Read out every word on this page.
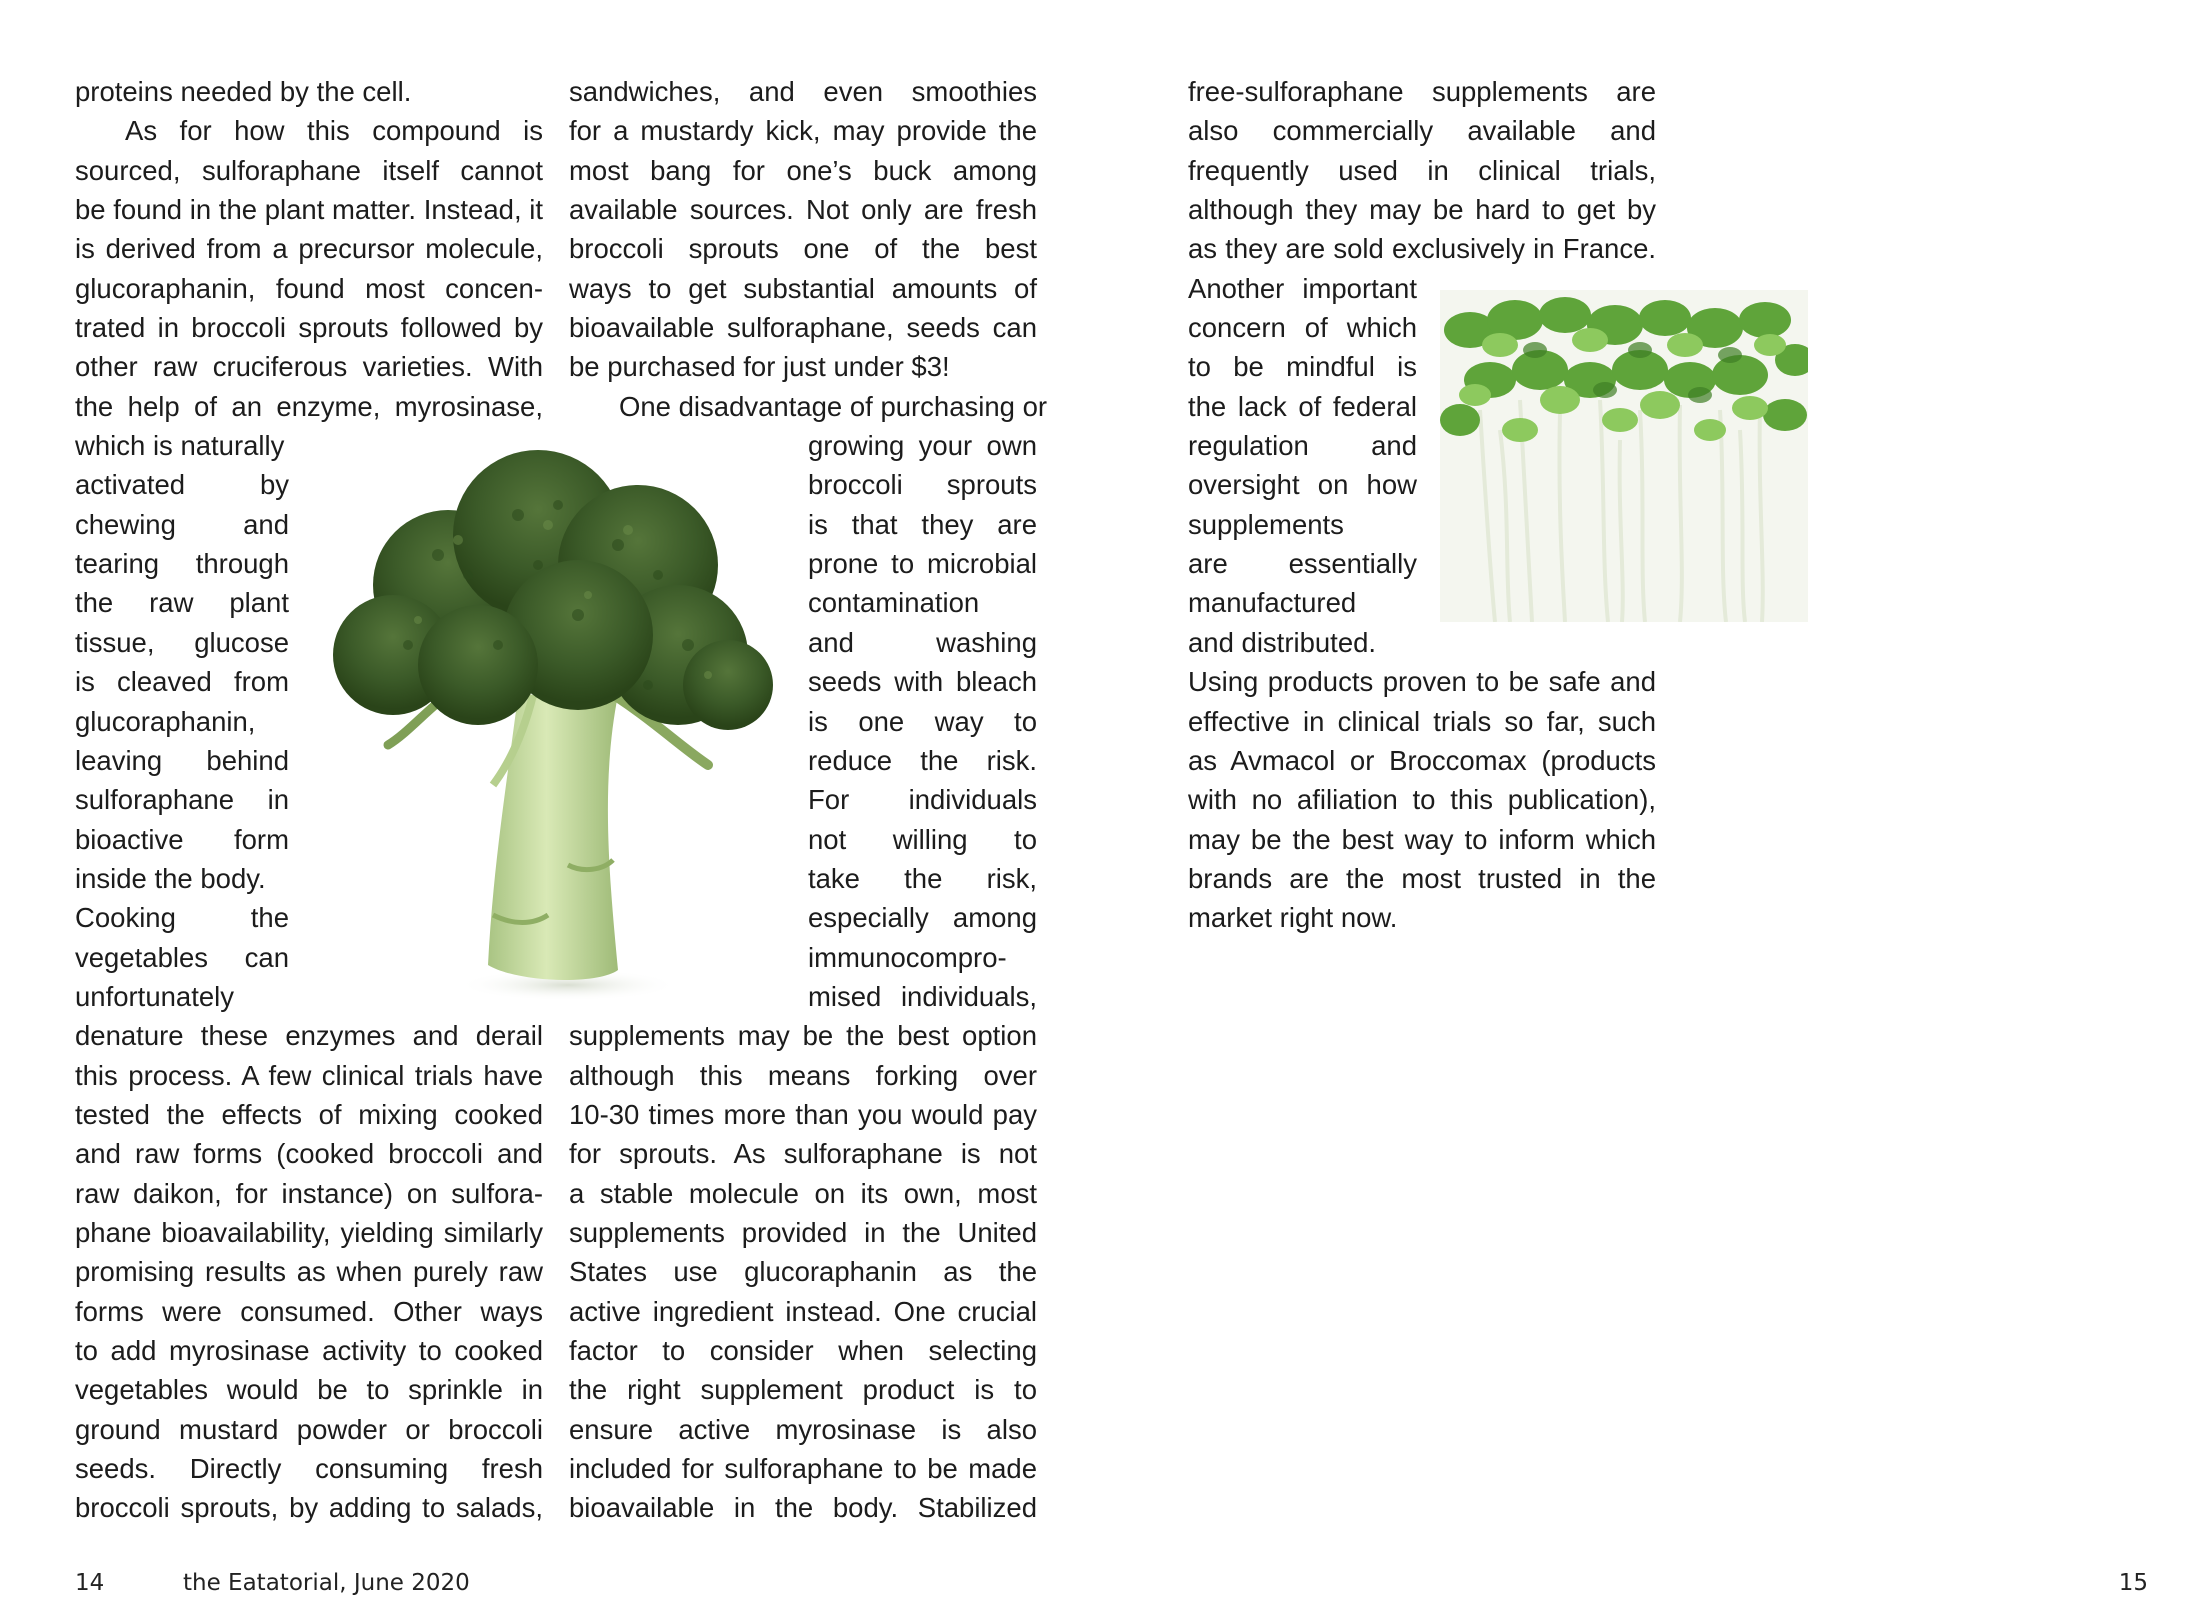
proteins needed by the cell.
As for how this compound is
sourced, sulforaphane itself cannot
be found in the plant matter. Instead, it
is derived from a precursor molecule,
glucoraphanin, found most concen-
trated in broccoli sprouts followed by
other raw cruciferous varieties. With
the help of an enzyme, myrosinase,
which is naturally
activated by
chewing and
tearing through
the raw plant
tissue, glucose
is cleaved from
glucoraphanin,
leaving behind
sulforaphane in
bioactive form
inside the body.
Cooking the
vegetables can
unfortunately
denature these enzymes and derail
this process. A few clinical trials have
tested the effects of mixing cooked
and raw forms (cooked broccoli and
raw daikon, for instance) on sulfora-
phane bioavailability, yielding similarly
promising results as when purely raw
forms were consumed. Other ways
to add myrosinase activity to cooked
vegetables would be to sprinkle in
ground mustard powder or broccoli
seeds. Directly consuming fresh
broccoli sprouts, by adding to salads,
sandwiches, and even smoothies
for a mustardy kick, may provide the
most bang for one’s buck among
available sources. Not only are fresh
broccoli sprouts one of the best
ways to get substantial amounts of
bioavailable sulforaphane, seeds can
be purchased for just under $3!
One disadvantage of purchasing or
growing your own
broccoli sprouts
is that they are
prone to microbial
contamination
and washing
seeds with bleach
is one way to
reduce the risk.
For individuals
not willing to
take the risk,
especially among
immunocompro-
mised individuals,
supplements may be the best option
although this means forking over
10-30 times more than you would pay
for sprouts. As sulforaphane is not
a stable molecule on its own, most
supplements provided in the United
States use glucoraphanin as the
active ingredient instead. One crucial
factor to consider when selecting
the right supplement product is to
ensure active myrosinase is also
included for sulforaphane to be made
bioavailable in the body. Stabilized
free-sulforaphane supplements are
also commercially available and
frequently used in clinical trials,
although they may be hard to get by
as they are sold exclusively in France.
Another important
concern of which
to be mindful is
the lack of federal
regulation and
oversight on how
supplements
are essentially
manufactured
and distributed.
Using products proven to be safe and
effective in clinical trials so far, such
as Avmacol or Broccomax (products
with no afiliation to this publication),
may be the best way to inform which
brands are the most trusted in the
market right now.
14	the Eatatorial, June 2020	15
